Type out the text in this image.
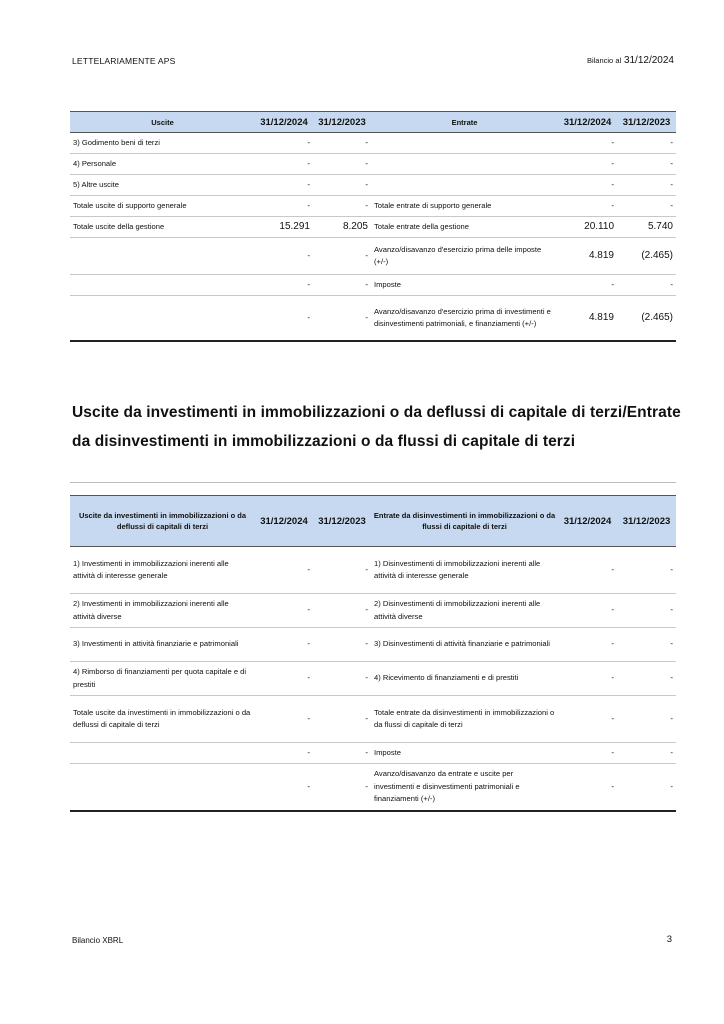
LETTELARIAMENTE APS	Bilancio al 31/12/2024
Uscite	31/12/2024	31/12/2023	Entrate	31/12/2024	31/12/2023
3) Godimento beni di terzi	-	-		-	-
4) Personale	-	-		-	-
5) Altre uscite	-	-		-	-
Totale uscite di supporto generale	-	-	Totale entrate di supporto generale	-	-
Totale uscite della gestione	15.291	8.205	Totale entrate della gestione	20.110	5.740
	-	-	Avanzo/disavanzo d'esercizio prima delle imposte (+/-)	4.819	(2.465)
	-	-	Imposte	-	-
	-	-	Avanzo/disavanzo d'esercizio prima di investimenti e disinvestimenti patrimoniali, e finanziamenti (+/-)	4.819	(2.465)
Uscite da investimenti in immobilizzazioni o da deflussi di capitale di terzi/Entrate da disinvestimenti in immobilizzazioni o da flussi di capitale di terzi
Uscite da investimenti in immobilizzazioni o da deflussi di capitali di terzi	31/12/2024	31/12/2023	Entrate da disinvestimenti in immobilizzazioni o da flussi di capitale di terzi	31/12/2024	31/12/2023
1) Investimenti in immobilizzazioni inerenti alle attività di interesse generale	-	-	1) Disinvestimenti di immobilizzazioni inerenti alle attività di interesse generale	-	-
2) Investimenti in immobilizzazioni inerenti alle attività diverse	-	-	2) Disinvestimenti di immobilizzazioni inerenti alle attività diverse	-	-
3) Investimenti in attività finanziarie e patrimoniali	-	-	3) Disinvestimenti di attività finanziarie e patrimoniali	-	-
4) Rimborso di finanziamenti per quota capitale e di prestiti	-	-	4) Ricevimento di finanziamenti e di prestiti	-	-
Totale uscite da investimenti in immobilizzazioni o da deflussi di capitale di terzi	-	-	Totale entrate da disinvestimenti in immobilizzazioni o da flussi di capitale di terzi	-	-
	-	-	Imposte	-	-
	-	-	Avanzo/disavanzo da entrate e uscite per investimenti e disinvestimenti patrimoniali e finanziamenti (+/-)	-	-
Bilancio XBRL	3
